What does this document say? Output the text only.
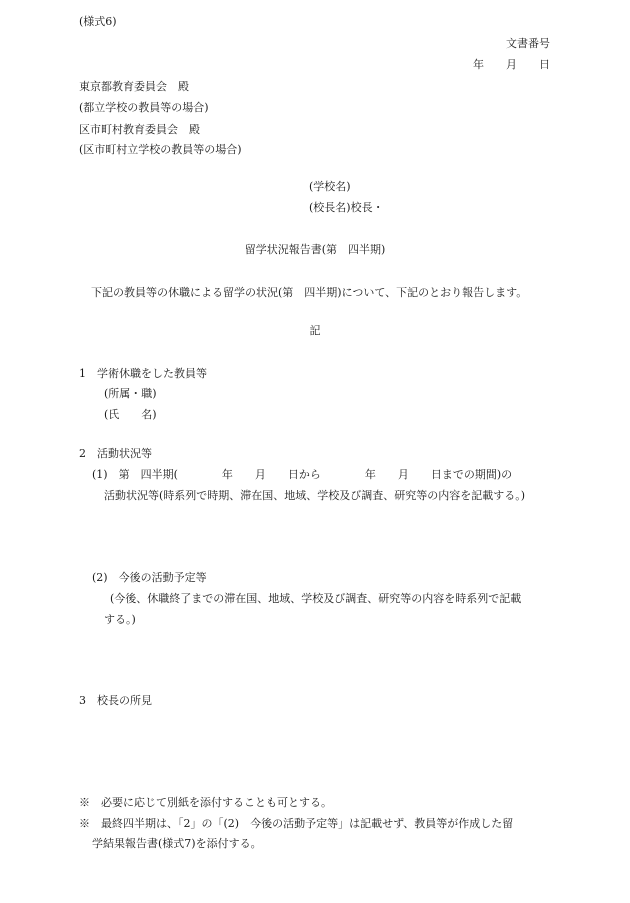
(様式6)
文書番号
年　　月　　日
東京都教育委員会　殿
(都立学校の教員等の場合)
区市町村教育委員会　殿
(区市町村立学校の教員等の場合)
(学校名)
(校長名)校長・
留学状況報告書(第　四半期)
下記の教員等の休職による留学の状況(第　四半期)について、下記のとおり報告します。
記
1　学術休職をした教員等
(所属・職)
(氏　　名)
2　活動状況等
(1)　第　四半期(　　　　年　　月　　日から　　　　年　　月　　日までの期間)の
活動状況等(時系列で時期、滞在国、地域、学校及び調査、研究等の内容を記載する。)
(2)　今後の活動予定等
(今後、休職終了までの滞在国、地域、学校及び調査、研究等の内容を時系列で記載
する。)
3　校長の所見
※　必要に応じて別紙を添付することも可とする。
※　最終四半期は、「2」の「(2)　今後の活動予定等」は記載せず、教員等が作成した留
学結果報告書(様式7)を添付する。
